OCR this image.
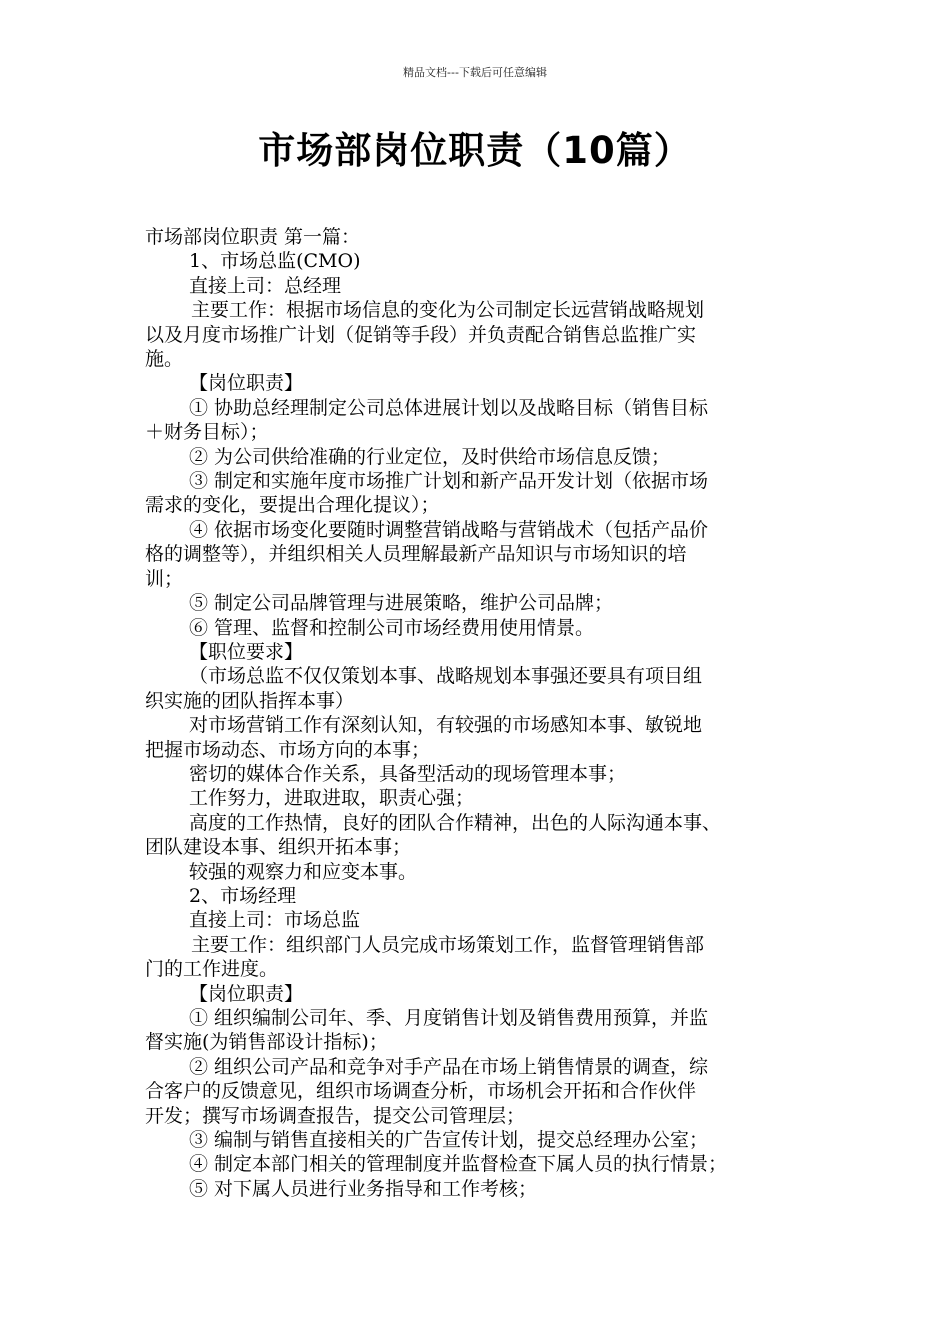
精品文档---下载后可任意编辑
市场部岗位职责（10篇）
市场部岗位职责 第一篇：
1、市场总监(CMO)
直接上司：总经理
主要工作：根据市场信息的变化为公司制定长远营销战略规划
以及月度市场推广计划（促销等手段）并负责配合销售总监推广实
施。
【岗位职责】
① 协助总经理制定公司总体进展计划以及战略目标（销售目标
＋财务目标）；
② 为公司供给准确的行业定位，及时供给市场信息反馈；
③ 制定和实施年度市场推广计划和新产品开发计划（依据市场
需求的变化，要提出合理化提议）；
④ 依据市场变化要随时调整营销战略与营销战术（包括产品价
格的调整等），并组织相关人员理解最新产品知识与市场知识的培
训；
⑤ 制定公司品牌管理与进展策略，维护公司品牌；
⑥ 管理、监督和控制公司市场经费用使用情景。
【职位要求】
（市场总监不仅仅策划本事、战略规划本事强还要具有项目组
织实施的团队指挥本事）
对市场营销工作有深刻认知，有较强的市场感知本事、敏锐地
把握市场动态、市场方向的本事；
密切的媒体合作关系，具备型活动的现场管理本事；
工作努力，进取进取，职责心强；
高度的工作热情，良好的团队合作精神，出色的人际沟通本事、
团队建设本事、组织开拓本事；
较强的观察力和应变本事。
2、市场经理
直接上司：市场总监
主要工作：组织部门人员完成市场策划工作，监督管理销售部
门的工作进度。
【岗位职责】
① 组织编制公司年、季、月度销售计划及销售费用预算，并监
督实施(为销售部设计指标)；
② 组织公司产品和竞争对手产品在市场上销售情景的调查，综
合客户的反馈意见，组织市场调查分析，市场机会开拓和合作伙伴
开发；撰写市场调查报告，提交公司管理层；
③ 编制与销售直接相关的广告宣传计划，提交总经理办公室；
④ 制定本部门相关的管理制度并监督检查下属人员的执行情景；
⑤ 对下属人员进行业务指导和工作考核；
